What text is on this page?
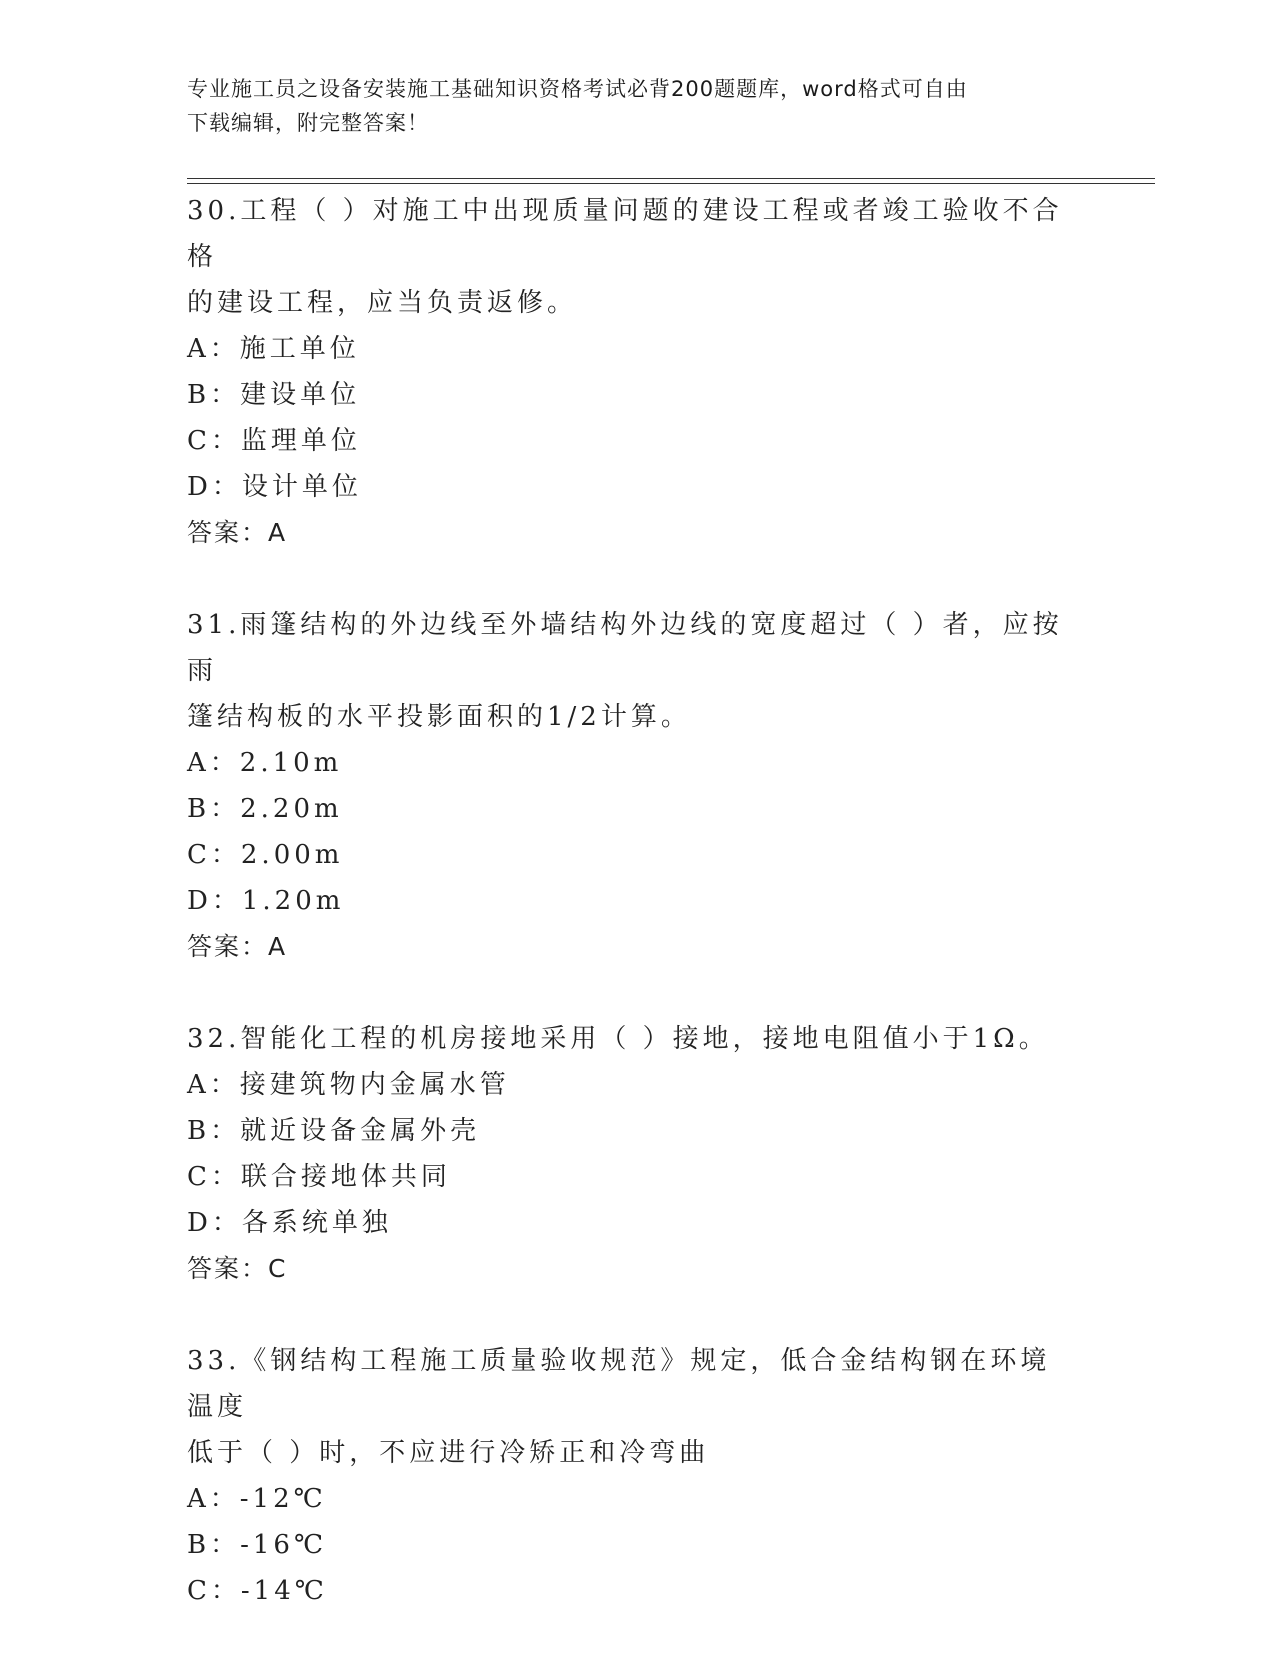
专业施工员之设备安装施工基础知识资格考试必背200题题库，word格式可自由
下载编辑，附完整答案！

30.工程（ ）对施工中出现质量问题的建设工程或者竣工验收不合格

的建设工程，应当负责返修。

A：施工单位

B：建设单位

C：监理单位

D：设计单位

答案：A

31.雨篷结构的外边线至外墙结构外边线的宽度超过（ ）者，应按雨

篷结构板的水平投影面积的1/2计算。

A：2.10m

B：2.20m

C：2.00m

D：1.20m

答案：A

32.智能化工程的机房接地采用（ ）接地，接地电阻值小于1Ω。

A：接建筑物内金属水管

B：就近设备金属外壳

C：联合接地体共同

D：各系统单独

答案：C

33.《钢结构工程施工质量验收规范》规定，低合金结构钢在环境温度

低于（ ）时，不应进行冷矫正和冷弯曲

A：-12℃

B：-16℃

C：-14℃
